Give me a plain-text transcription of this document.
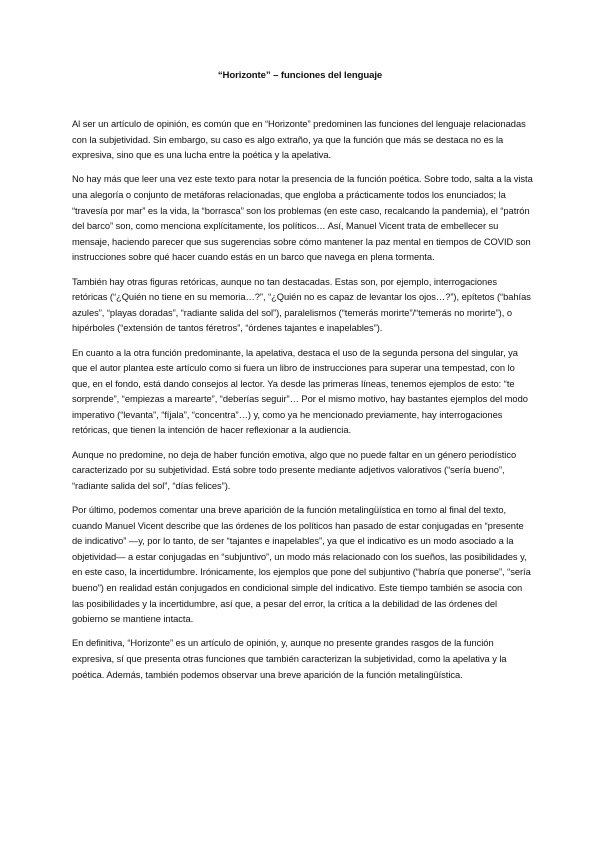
“Horizonte” – funciones del lenguaje

Al ser un artículo de opinión, es común que en “Horizonte” predominen las funciones del lenguaje relacionadas con la subjetividad. Sin embargo, su caso es algo extraño, ya que la función que más se destaca no es la expresiva, sino que es una lucha entre la poética y la apelativa.

No hay más que leer una vez este texto para notar la presencia de la función poética. Sobre todo, salta a la vista una alegoría o conjunto de metáforas relacionadas, que engloba a prácticamente todos los enunciados; la “travesía por mar” es la vida, la “borrasca” son los problemas (en este caso, recalcando la pandemia), el “patrón del barco” son, como menciona explícitamente, los políticos… Así, Manuel Vicent trata de embellecer su mensaje, haciendo parecer que sus sugerencias sobre cómo mantener la paz mental en tiempos de COVID son instrucciones sobre qué hacer cuando estás en un barco que navega en plena tormenta.

También hay otras figuras retóricas, aunque no tan destacadas. Estas son, por ejemplo, interrogaciones retóricas (“¿Quién no tiene en su memoria…?”, “¿Quién no es capaz de levantar los ojos…?”), epítetos (“bahías azules”, “playas doradas”, “radiante salida del sol”), paralelismos (“temerás morirte”/“temerás no morirte”), o hipérboles (“extensión de tantos féretros”, “órdenes tajantes e inapelables”).

En cuanto a la otra función predominante, la apelativa, destaca el uso de la segunda persona del singular, ya que el autor plantea este artículo como si fuera un libro de instrucciones para superar una tempestad, con lo que, en el fondo, está dando consejos al lector. Ya desde las primeras líneas, tenemos ejemplos de esto: “te sorprende”, “empiezas a marearte”, “deberías seguir”… Por el mismo motivo, hay bastantes ejemplos del modo imperativo (“levanta”, “fíjala”, “concentra”…) y, como ya he mencionado previamente, hay interrogaciones retóricas, que tienen la intención de hacer reflexionar a la audiencia.

Aunque no predomine, no deja de haber función emotiva, algo que no puede faltar en un género periodístico caracterizado por su subjetividad. Está sobre todo presente mediante adjetivos valorativos (“sería bueno”, “radiante salida del sol”, “días felices”).

Por último, podemos comentar una breve aparición de la función metalingüística en torno al final del texto, cuando Manuel Vicent describe que las órdenes de los políticos han pasado de estar conjugadas en “presente de indicativo” —y, por lo tanto, de ser “tajantes e inapelables”, ya que el indicativo es un modo asociado a la objetividad— a estar conjugadas en “subjuntivo”, un modo más relacionado con los sueños, las posibilidades y, en este caso, la incertidumbre. Irónicamente, los ejemplos que pone del subjuntivo (“habría que ponerse”, “sería bueno”) en realidad están conjugados en condicional simple del indicativo. Este tiempo también se asocia con las posibilidades y la incertidumbre, así que, a pesar del error, la crítica a la debilidad de las órdenes del gobierno se mantiene intacta.

En definitiva, “Horizonte” es un artículo de opinión, y, aunque no presente grandes rasgos de la función expresiva, sí que presenta otras funciones que también caracterizan la subjetividad, como la apelativa y la poética. Además, también podemos observar una breve aparición de la función metalingüística.
